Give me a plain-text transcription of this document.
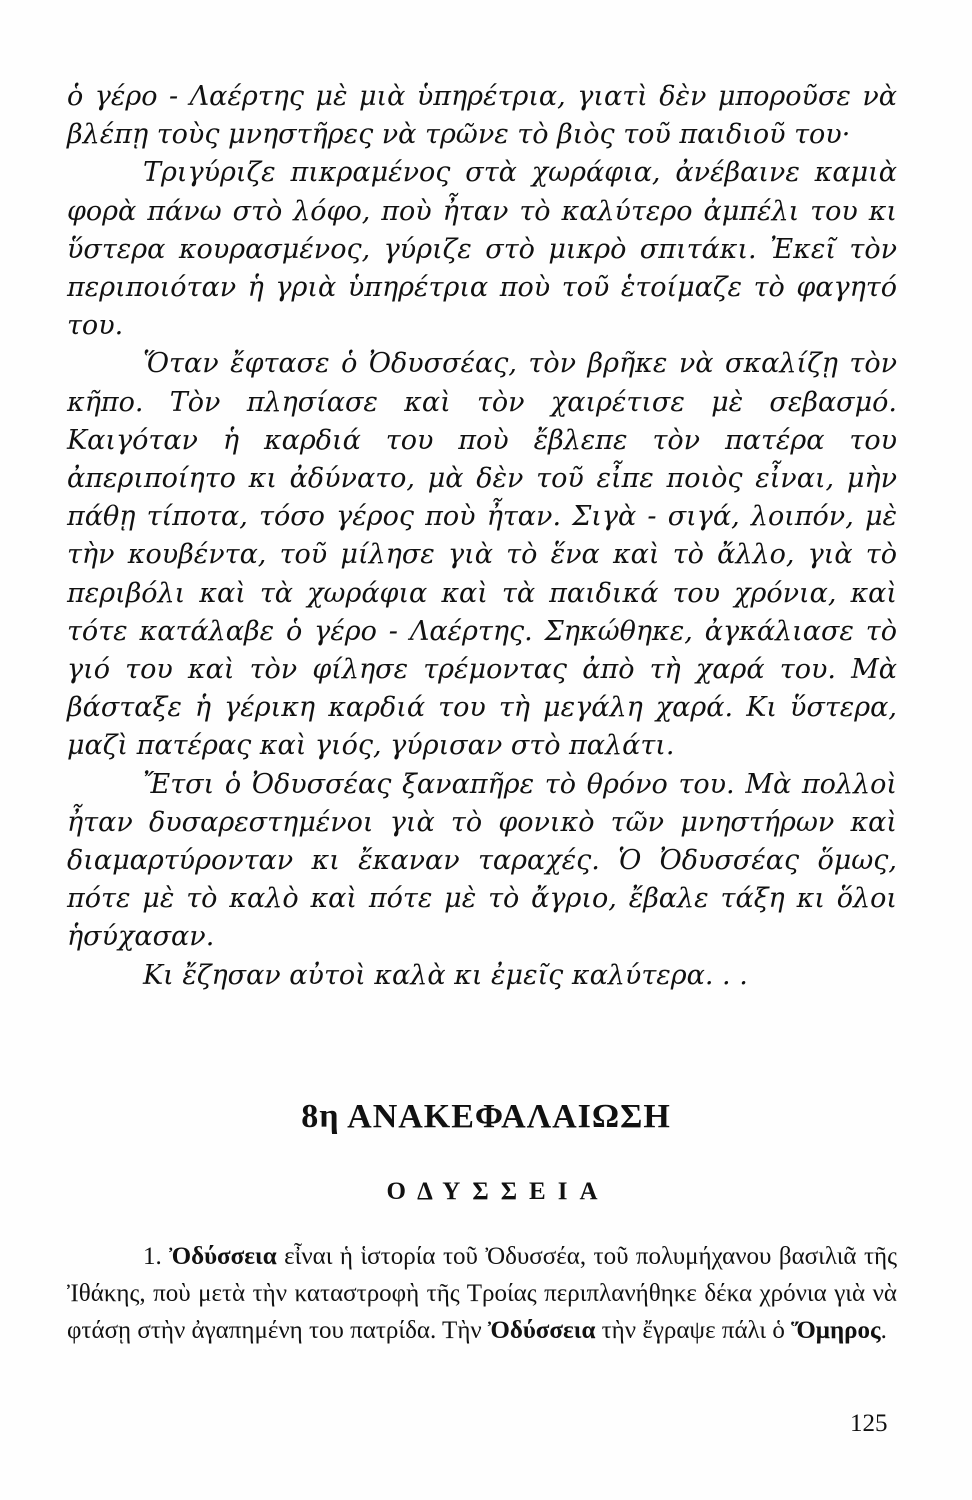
ὁ γέρο - Λαέρτης μὲ μιὰ ὑπηρέτρια, γιατὶ δὲν μποροῦσε νὰ βλέπῃ τοὺς μνηστῆρες νὰ τρῶνε τὸ βιὸς τοῦ παιδιοῦ του·

Τριγύριζε πικραμένος στὰ χωράφια, ἀνέβαινε καμιὰ φορὰ πάνω στὸ λόφο, ποὺ ἦταν τὸ καλύτερο ἀμπέλι του κι ὕστερα κουρασμένος, γύριζε στὸ μικρὸ σπιτάκι. Ἐκεῖ τὸν περιποιόταν ἡ γριὰ ὑπηρέτρια ποὺ τοῦ ἑτοίμαζε τὸ φαγητό του.

Ὅταν ἔφτασε ὁ Ὀδυσσέας, τὸν βρῆκε νὰ σκαλίζῃ τὸν κῆπο. Τὸν πλησίασε καὶ τὸν χαιρέτισε μὲ σεβασμό. Καιγόταν ἡ καρδιά του ποὺ ἔβλεπε τὸν πατέρα του ἀπεριποίητο κι ἀδύνατο, μὰ δὲν τοῦ εἶπε ποιὸς εἶναι, μὴν πάθῃ τίποτα, τόσο γέρος ποὺ ἦταν. Σιγὰ - σιγά, λοιπόν, μὲ τὴν κουβέντα, τοῦ μίλησε γιὰ τὸ ἕνα καὶ τὸ ἄλλο, γιὰ τὸ περιβόλι καὶ τὰ χωράφια καὶ τὰ παιδικά του χρόνια, καὶ τότε κατάλαβε ὁ γέρο - Λαέρτης. Σηκώθηκε, ἀγκάλιασε τὸ γιό του καὶ τὸν φίλησε τρέμοντας ἀπὸ τὴ χαρά του. Μὰ βάσταξε ἡ γέρικη καρδιά του τὴ μεγάλη χαρά. Κι ὕστερα, μαζὶ πατέρας καὶ γιός, γύρισαν στὸ παλάτι.

Ἔτσι ὁ Ὀδυσσέας ξαναπῆρε τὸ θρόνο του. Μὰ πολλοὶ ἦταν δυσαρεστημένοι γιὰ τὸ φονικὸ τῶν μνηστήρων καὶ διαμαρτύρονταν κι ἔκαναν ταραχές. Ὁ Ὀδυσσέας ὅμως, πότε μὲ τὸ καλὸ καὶ πότε μὲ τὸ ἄγριο, ἔβαλε τάξη κι ὅλοι ἡσύχασαν.

Κι ἔζησαν αὐτοὶ καλὰ κι ἐμεῖς καλύτερα. . .

8η ΑΝΑΚΕΦΑΛΑΙΩΣΗ
ΟΔΥΣΣΕΙΑ

1. Ὀδύσσεια εἶναι ἡ ἱστορία τοῦ Ὀδυσσέα, τοῦ πολυμήχανου βασιλιᾶ τῆς Ἰθάκης, ποὺ μετὰ τὴν καταστροφὴ τῆς Τροίας περιπλανήθηκε δέκα χρόνια γιὰ νὰ φτάσῃ στὴν ἀγαπημένη του πατρίδα. Τὴν Ὀδύσσεια τὴν ἔγραψε πάλι ὁ Ὅμηρος.

125
